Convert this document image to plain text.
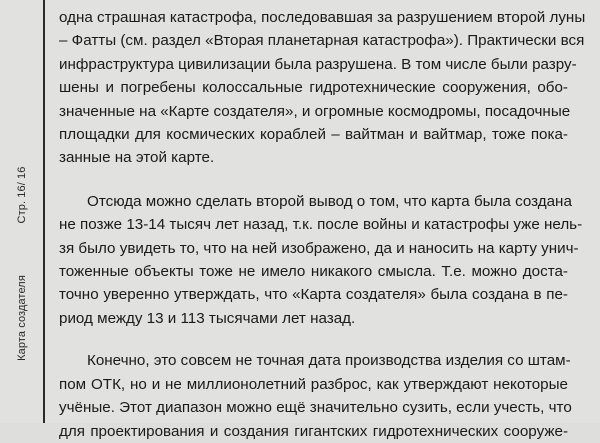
Стр. 16/ 16
Карта создателя

одна страшная катастрофа, последовавшая за разрушением второй луны
– Фатты (см. раздел «Вторая планетарная катастрофа»). Практически вся
инфраструктура цивилизации была разрушена. В том числе были разру-
шены и погребены колоссальные гидротехнические сооружения, обо-
значенные на «Карте создателя», и огромные космодромы, посадочные
площадки для космических кораблей – вайтман и вайтмар, тоже пока-
занные на этой карте.

Отсюда можно сделать второй вывод о том, что карта была создана
не позже 13-14 тысяч лет назад, т.к. после войны и катастрофы уже нель-
зя было увидеть то, что на ней изображено, да и наносить на карту унич-
тоженные объекты тоже не имело никакого смысла. Т.е. можно доста-
точно уверенно утверждать, что «Карта создателя» была создана в пе-
риод между 13 и 113 тысячами лет назад.

Конечно, это совсем не точная дата производства изделия со штам-
пом ОТК, но и не миллионолетний разброс, как утверждают некоторые
учёные. Этот диапазон можно ещё значительно сузить, если учесть, что
для проектирования и создания гигантских гидротехнических сооруже-
